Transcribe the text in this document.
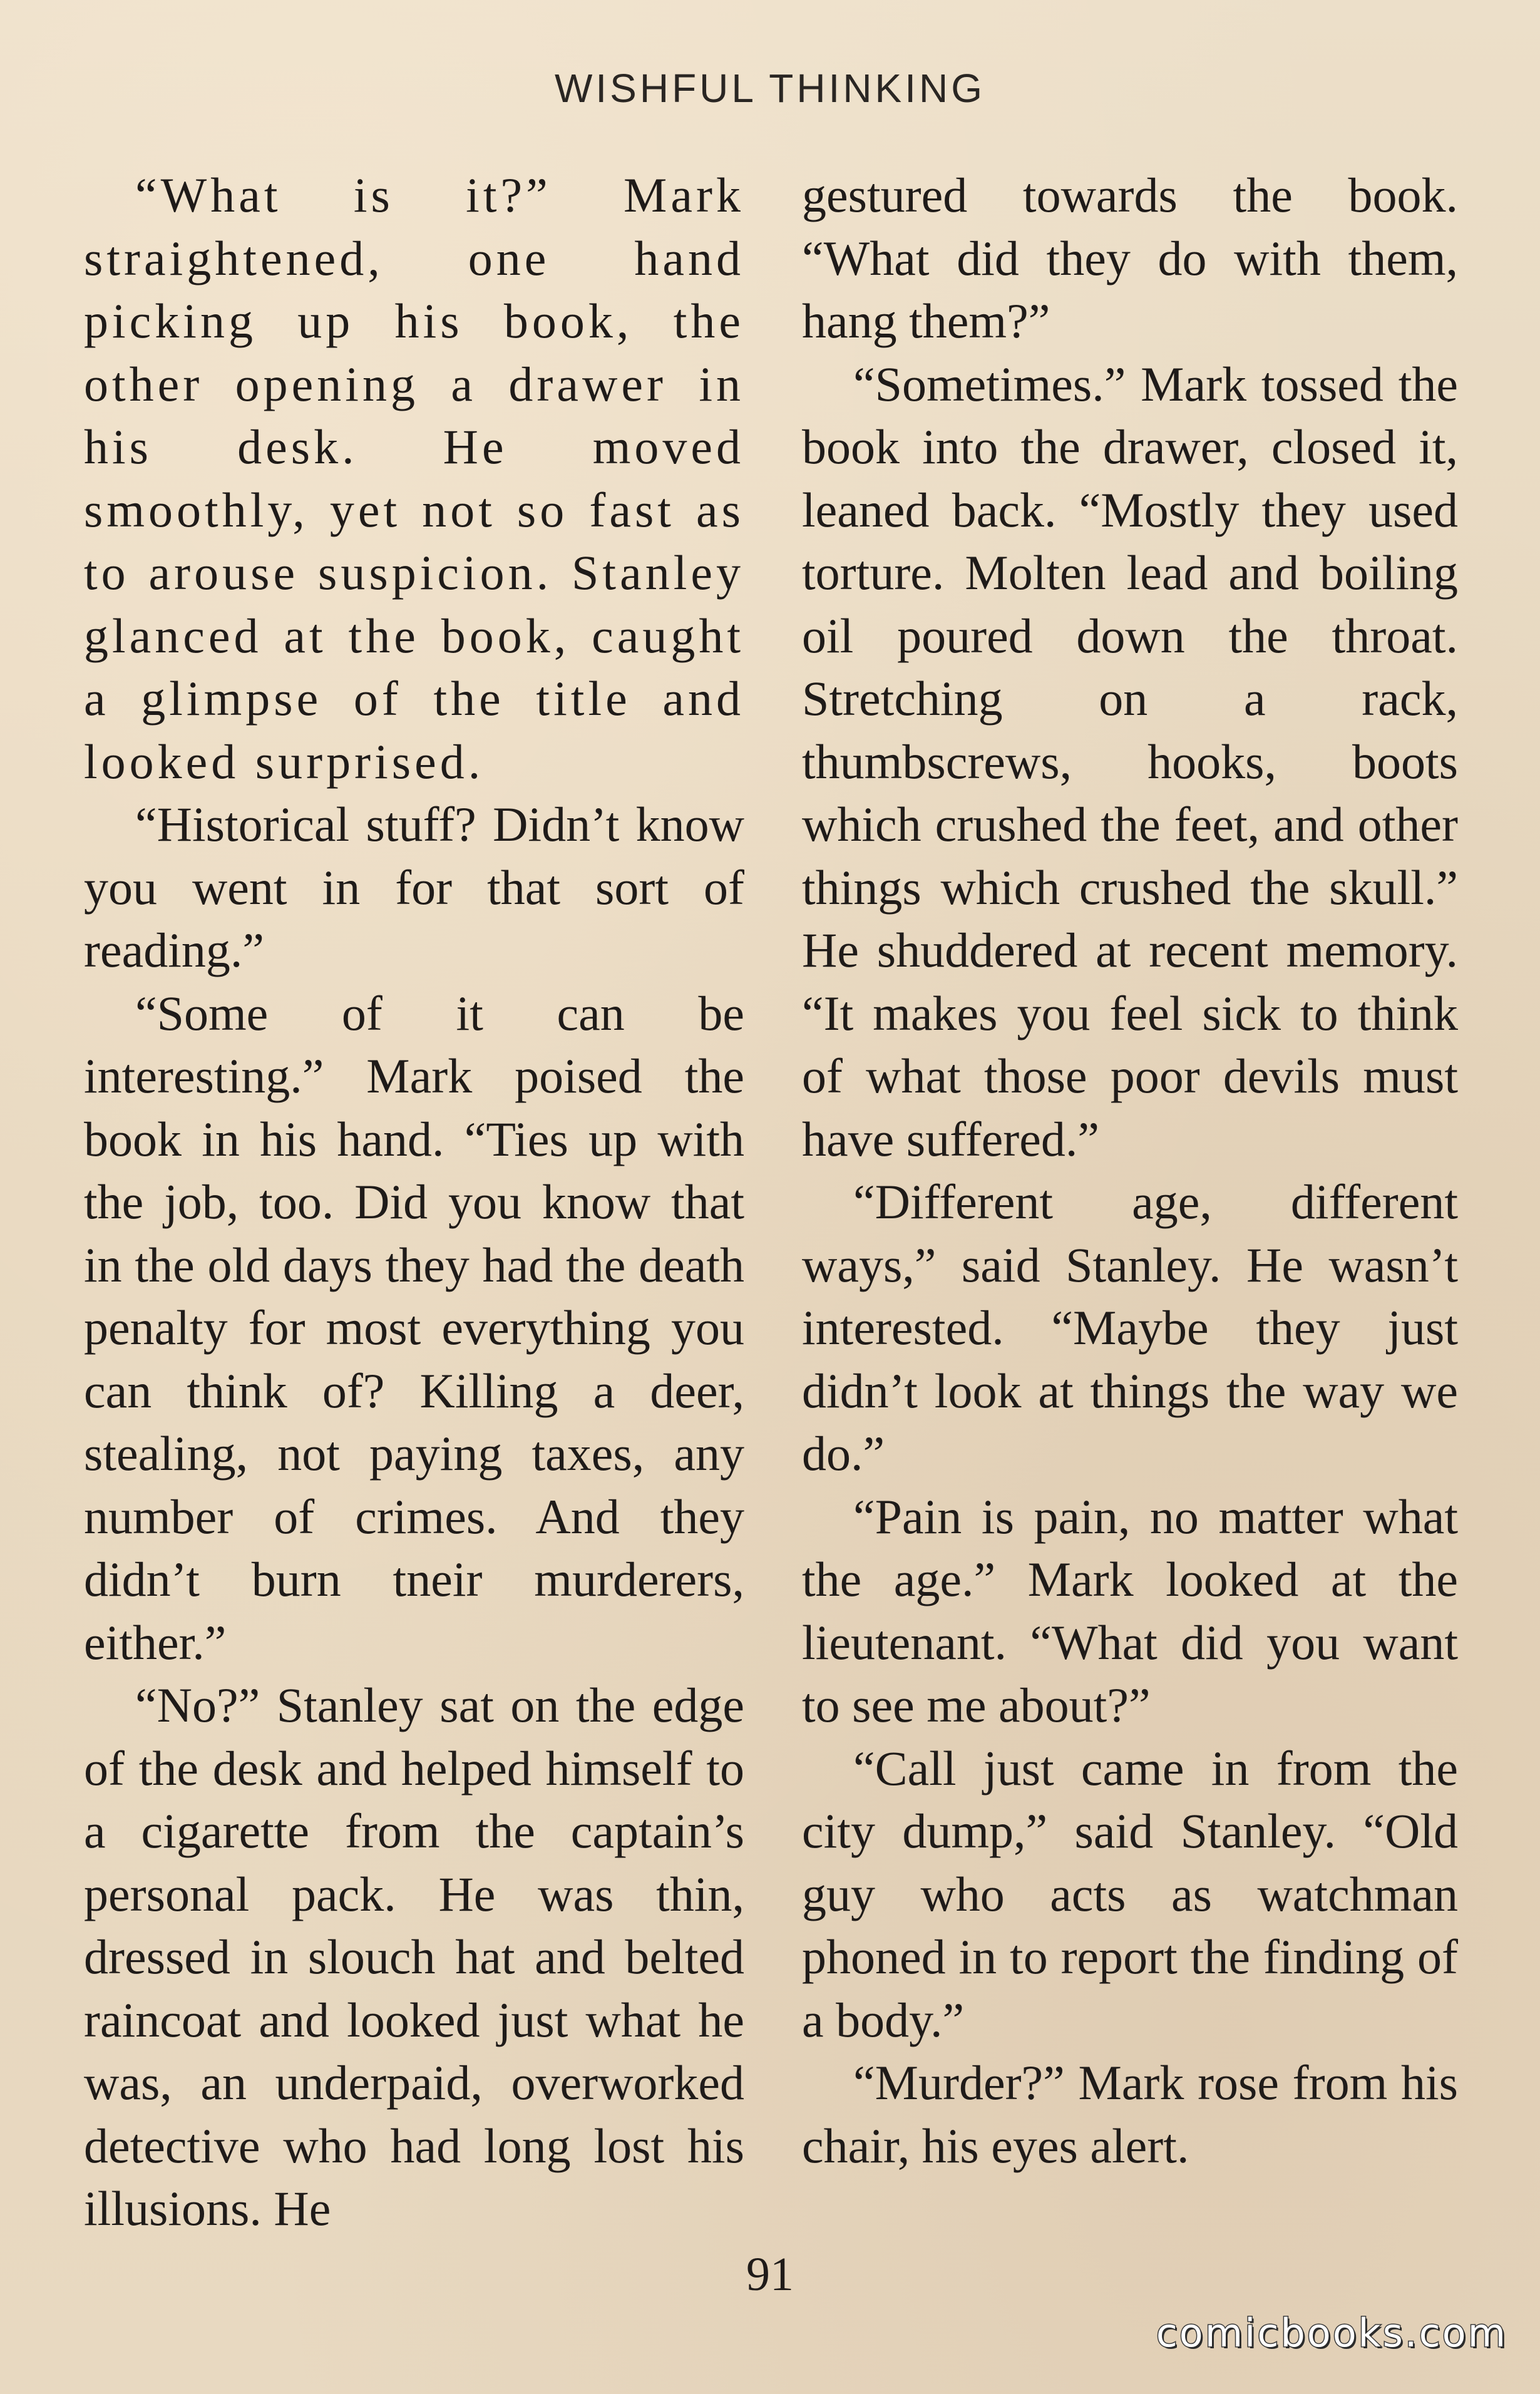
WISHFUL THINKING

“What is it?” Mark straightened, one hand picking up his book, the other opening a drawer in his desk. He moved smoothly, yet not so fast as to arouse suspicion. Stanley glanced at the book, caught a glimpse of the title and looked surprised.

“Historical stuff? Didn’t know you went in for that sort of reading.”

“Some of it can be interesting.” Mark poised the book in his hand. “Ties up with the job, too. Did you know that in the old days they had the death penalty for most everything you can think of? Killing a deer, stealing, not paying taxes, any number of crimes. And they didn’t burn tneir murderers, either.”

“No?” Stanley sat on the edge of the desk and helped himself to a cigarette from the captain’s personal pack. He was thin, dressed in slouch hat and belted raincoat and looked just what he was, an underpaid, overworked detective who had long lost his illusions. He

gestured towards the book. “What did they do with them, hang them?”

“Sometimes.” Mark tossed the book into the drawer, closed it, leaned back. “Mostly they used torture. Molten lead and boiling oil poured down the throat. Stretching on a rack, thumbscrews, hooks, boots which crushed the feet, and other things which crushed the skull.” He shuddered at recent memory. “It makes you feel sick to think of what those poor devils must have suffered.”

“Different age, different ways,” said Stanley. He wasn’t interested. “Maybe they just didn’t look at things the way we do.”

“Pain is pain, no matter what the age.” Mark looked at the lieutenant. “What did you want to see me about?”

“Call just came in from the city dump,” said Stanley. “Old guy who acts as watchman phoned in to report the finding of a body.”

“Murder?” Mark rose from his chair, his eyes alert.

91
comicbooks.com
